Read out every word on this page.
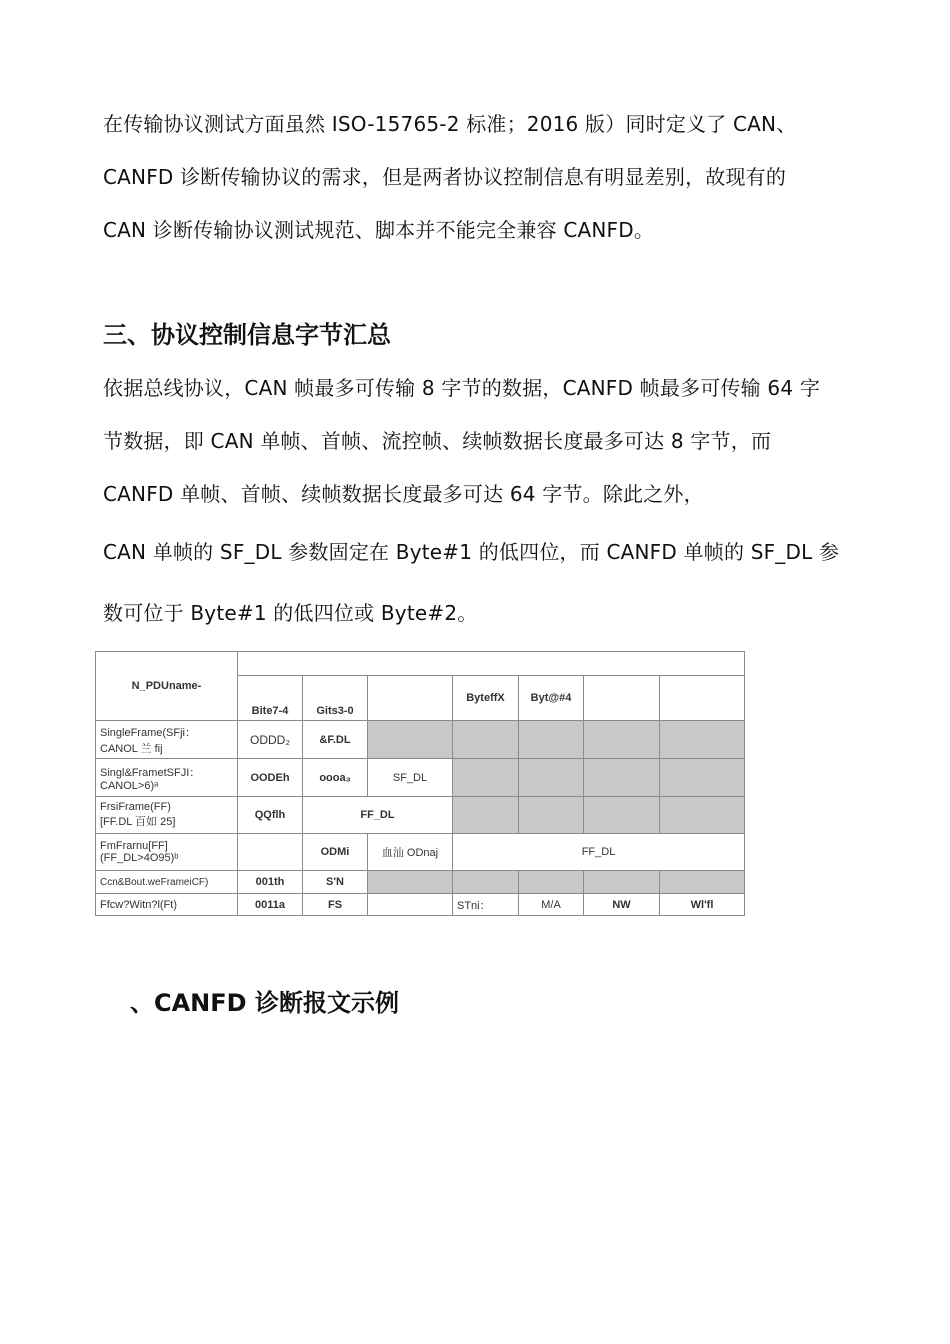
在传输协议测试方面虽然 ISO-15765-2 标准；2016 版）同时定义了 CAN、
CANFD 诊断传输协议的需求，但是两者协议控制信息有明显差别，故现有的
CAN 诊断传输协议测试规范、脚本并不能完全兼容 CANFD。
三、协议控制信息字节汇总
依据总线协议，CAN 帧最多可传输 8 字节的数据，CANFD 帧最多可传输 64 字
节数据，即 CAN 单帧、首帧、流控帧、续帧数据长度最多可达 8 字节，而
CANFD 单帧、首帧、续帧数据长度最多可达 64 字节。除此之外，
CAN 单帧的 SF_DL 参数固定在 Byte#1 的低四位，而 CANFD 单帧的 SF_DL 参
数可位于 Byte#1 的低四位或 Byte#2。
N_PDUname-							
	Bite7-4	Gits3-0		ByteffX	Byt@#4		
SingleFrame(SFji：
CANOL 兰 fij	ODDD₂	&F.DL					
Singl&FrametSFJI：
CANOL>6)ᵃ	OODEh	oooa₃	SF_DL				
FrsiFrame(FF)
[FF.DL 百如 25]	QQflh	FF_DL					
FmFrarnu[FF]
(FF_DL>4O95)ᵇ		ODMi	血汕 ODnaj	FF_DL			
Ccn&Bout.weFrameiCF)	001th	S'N					
Ffcw?Witn?l(Ft)	0011a	FS		STni：	M/A	NW	Wl'fl
、CANFD 诊断报文示例
